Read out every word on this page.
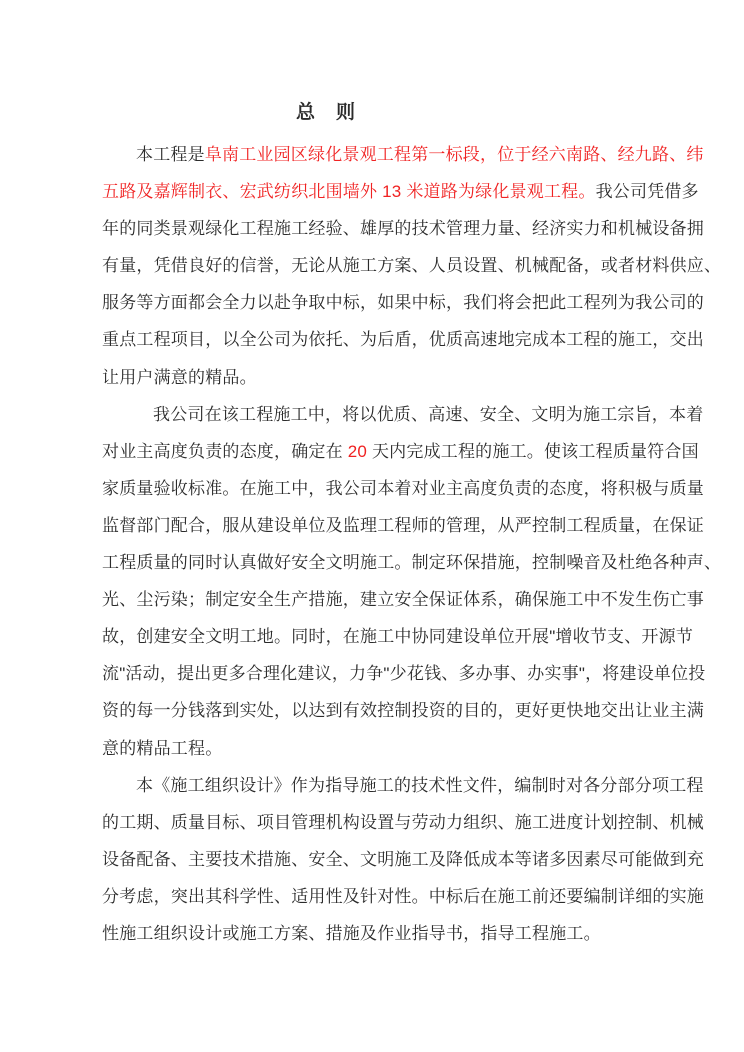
总　则
本工程是阜南工业园区绿化景观工程第一标段，位于经六南路、经九路、纬
五路及嘉辉制衣、宏武纺织北围墙外 13 米道路为绿化景观工程。我公司凭借多
年的同类景观绿化工程施工经验、雄厚的技术管理力量、经济实力和机械设备拥
有量，凭借良好的信誉，无论从施工方案、人员设置、机械配备，或者材料供应、
服务等方面都会全力以赴争取中标，如果中标，我们将会把此工程列为我公司的
重点工程项目，以全公司为依托、为后盾，优质高速地完成本工程的施工，交出
让用户满意的精品。
我公司在该工程施工中，将以优质、高速、安全、文明为施工宗旨，本着
对业主高度负责的态度，确定在 20 天内完成工程的施工。使该工程质量符合国
家质量验收标准。在施工中，我公司本着对业主高度负责的态度，将积极与质量
监督部门配合，服从建设单位及监理工程师的管理，从严控制工程质量，在保证
工程质量的同时认真做好安全文明施工。制定环保措施，控制噪音及杜绝各种声、
光、尘污染；制定安全生产措施，建立安全保证体系，确保施工中不发生伤亡事
故，创建安全文明工地。同时，在施工中协同建设单位开展"增收节支、开源节
流"活动，提出更多合理化建议，力争"少花钱、多办事、办实事"，将建设单位投
资的每一分钱落到实处，以达到有效控制投资的目的，更好更快地交出让业主满
意的精品工程。
本《施工组织设计》作为指导施工的技术性文件，编制时对各分部分项工程
的工期、质量目标、项目管理机构设置与劳动力组织、施工进度计划控制、机械
设备配备、主要技术措施、安全、文明施工及降低成本等诸多因素尽可能做到充
分考虑，突出其科学性、适用性及针对性。中标后在施工前还要编制详细的实施
性施工组织设计或施工方案、措施及作业指导书，指导工程施工。
